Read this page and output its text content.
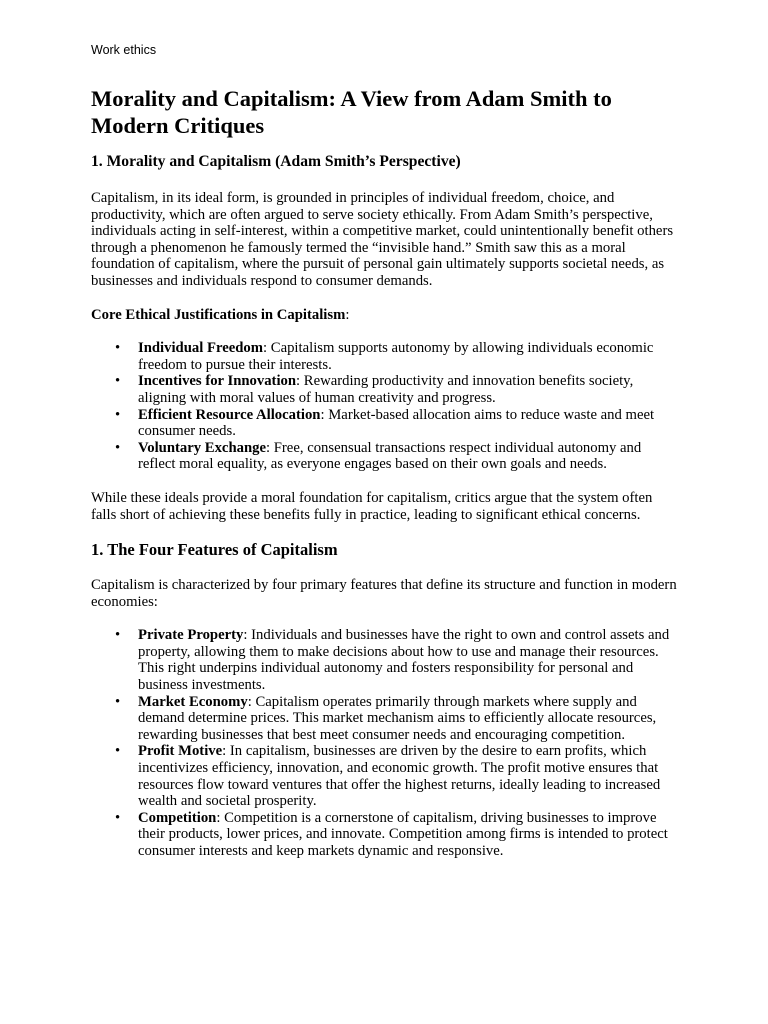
Work ethics
Morality and Capitalism: A View from Adam Smith to Modern Critiques
1. Morality and Capitalism (Adam Smith’s Perspective)

Capitalism, in its ideal form, is grounded in principles of individual freedom, choice, and productivity, which are often argued to serve society ethically. From Adam Smith’s perspective, individuals acting in self-interest, within a competitive market, could unintentionally benefit others through a phenomenon he famously termed the “invisible hand.” Smith saw this as a moral foundation of capitalism, where the pursuit of personal gain ultimately supports societal needs, as businesses and individuals respond to consumer demands.

Core Ethical Justifications in Capitalism:

• Individual Freedom: Capitalism supports autonomy by allowing individuals economic freedom to pursue their interests.
• Incentives for Innovation: Rewarding productivity and innovation benefits society, aligning with moral values of human creativity and progress.
• Efficient Resource Allocation: Market-based allocation aims to reduce waste and meet consumer needs.
• Voluntary Exchange: Free, consensual transactions respect individual autonomy and reflect moral equality, as everyone engages based on their own goals and needs.

While these ideals provide a moral foundation for capitalism, critics argue that the system often falls short of achieving these benefits fully in practice, leading to significant ethical concerns.

1. The Four Features of Capitalism

Capitalism is characterized by four primary features that define its structure and function in modern economies:

• Private Property: Individuals and businesses have the right to own and control assets and property, allowing them to make decisions about how to use and manage their resources. This right underpins individual autonomy and fosters responsibility for personal and business investments.
• Market Economy: Capitalism operates primarily through markets where supply and demand determine prices. This market mechanism aims to efficiently allocate resources, rewarding businesses that best meet consumer needs and encouraging competition.
• Profit Motive: In capitalism, businesses are driven by the desire to earn profits, which incentivizes efficiency, innovation, and economic growth. The profit motive ensures that resources flow toward ventures that offer the highest returns, ideally leading to increased wealth and societal prosperity.
• Competition: Competition is a cornerstone of capitalism, driving businesses to improve their products, lower prices, and innovate. Competition among firms is intended to protect consumer interests and keep markets dynamic and responsive.
